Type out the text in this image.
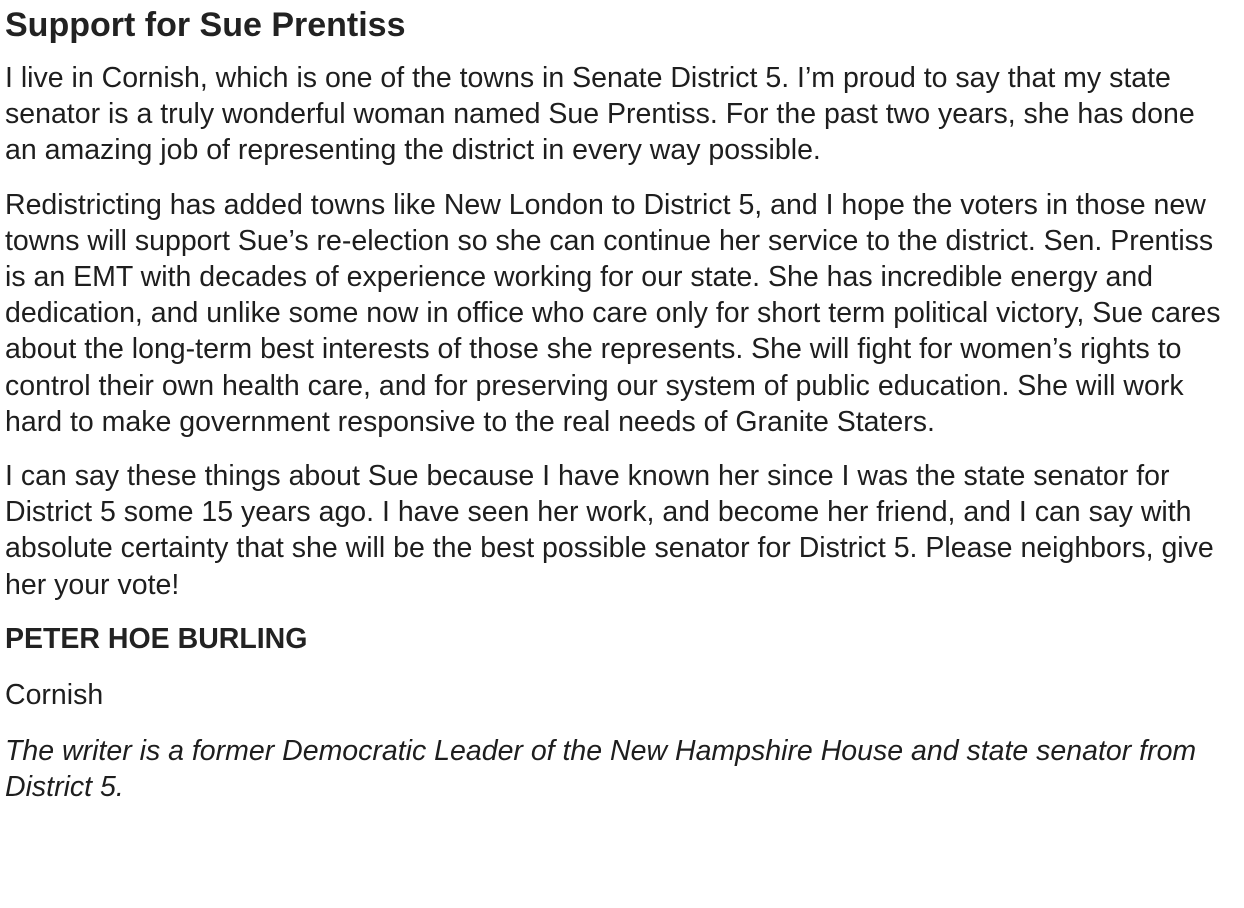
Support for Sue Prentiss

I live in Cornish, which is one of the towns in Senate District 5. I’m proud to say that my state senator is a truly wonderful woman named Sue Prentiss. For the past two years, she has done an amazing job of representing the district in every way possible.

Redistricting has added towns like New London to District 5, and I hope the voters in those new towns will support Sue’s re-election so she can continue her service to the district. Sen. Prentiss is an EMT with decades of experience working for our state. She has incredible energy and dedication, and unlike some now in office who care only for short term political victory, Sue cares about the long-term best interests of those she represents. She will fight for women’s rights to control their own health care, and for preserving our system of public education. She will work hard to make government responsive to the real needs of Granite Staters.

I can say these things about Sue because I have known her since I was the state senator for District 5 some 15 years ago. I have seen her work, and become her friend, and I can say with absolute certainty that she will be the best possible senator for District 5. Please neighbors, give her your vote!

PETER HOE BURLING

Cornish

The writer is a former Democratic Leader of the New Hampshire House and state senator from District 5.
